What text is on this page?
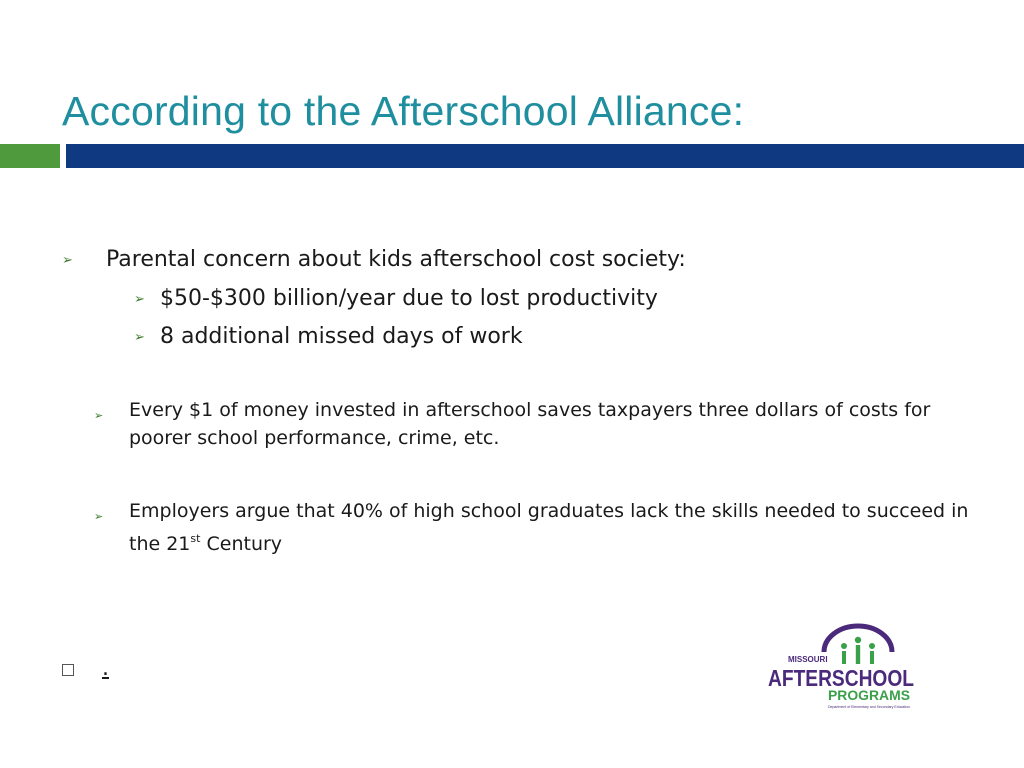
According to the Afterschool Alliance:
➢	Parental concern about kids afterschool cost society:
➢ $50-$300 billion/year due to lost productivity
➢ 8 additional missed days of work
➢	Every $1 of money invested in afterschool saves taxpayers three dollars of costs for poorer school performance, crime, etc.
➢	Employers argue that 40% of high school graduates lack the skills needed to succeed in the 21st Century
.	MISSOURI
AFTERSCHOOL
PROGRAMS
Department of Elementary and Secondary Education
